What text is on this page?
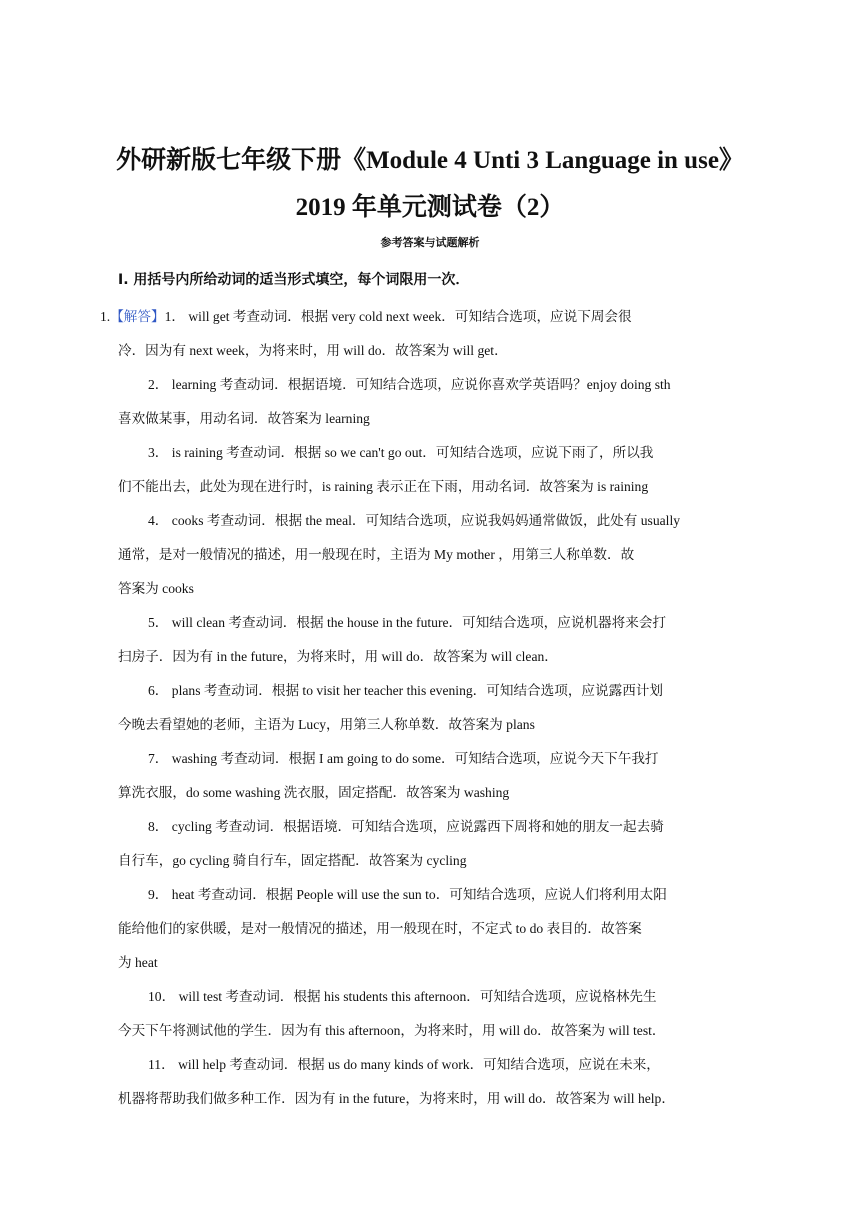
外研新版七年级下册《Module 4 Unti 3 Language in use》
2019 年单元测试卷（2）
参考答案与试题解析
I. 用括号内所给动词的适当形式填空，每个词限用一次．
1.【解答】1． will get 考查动词．根据 very cold next week．可知结合选项，应说下周会很
冷．因为有 next week，为将来时，用 will do．故答案为 will get．
2． learning 考查动词．根据语境．可知结合选项，应说你喜欢学英语吗？enjoy doing sth
喜欢做某事，用动名词．故答案为 learning
3． is raining 考查动词．根据 so we can't go out．可知结合选项，应说下雨了，所以我
们不能出去，此处为现在进行时，is raining 表示正在下雨，用动名词．故答案为 is raining
4． cooks 考查动词．根据 the meal．可知结合选项，应说我妈妈通常做饭，此处有 usually
通常，是对一般情况的描述，用一般现在时，主语为 My mother ，用第三人称单数．故
答案为 cooks
5． will clean 考查动词．根据 the house in the future．可知结合选项，应说机器将来会打
扫房子．因为有 in the future，为将来时，用 will do．故答案为 will clean．
6． plans 考查动词．根据 to visit her teacher this evening．可知结合选项，应说露西计划
今晚去看望她的老师，主语为 Lucy，用第三人称单数．故答案为 plans
7． washing 考查动词．根据 I am going to do some．可知结合选项，应说今天下午我打
算洗衣服，do some washing 洗衣服，固定搭配．故答案为 washing
8． cycling 考查动词．根据语境．可知结合选项，应说露西下周将和她的朋友一起去骑
自行车，go cycling 骑自行车，固定搭配．故答案为 cycling
9． heat 考查动词．根据 People will use the sun to．可知结合选项，应说人们将利用太阳
能给他们的家供暖，是对一般情况的描述，用一般现在时，不定式 to do 表目的．故答案
为 heat
10． will test 考查动词．根据 his students this afternoon．可知结合选项，应说格林先生
今天下午将测试他的学生．因为有 this afternoon，为将来时，用 will do．故答案为 will test．
11． will help 考查动词．根据 us do many kinds of work．可知结合选项，应说在未来，
机器将帮助我们做多种工作．因为有 in the future，为将来时，用 will do．故答案为 will help．
